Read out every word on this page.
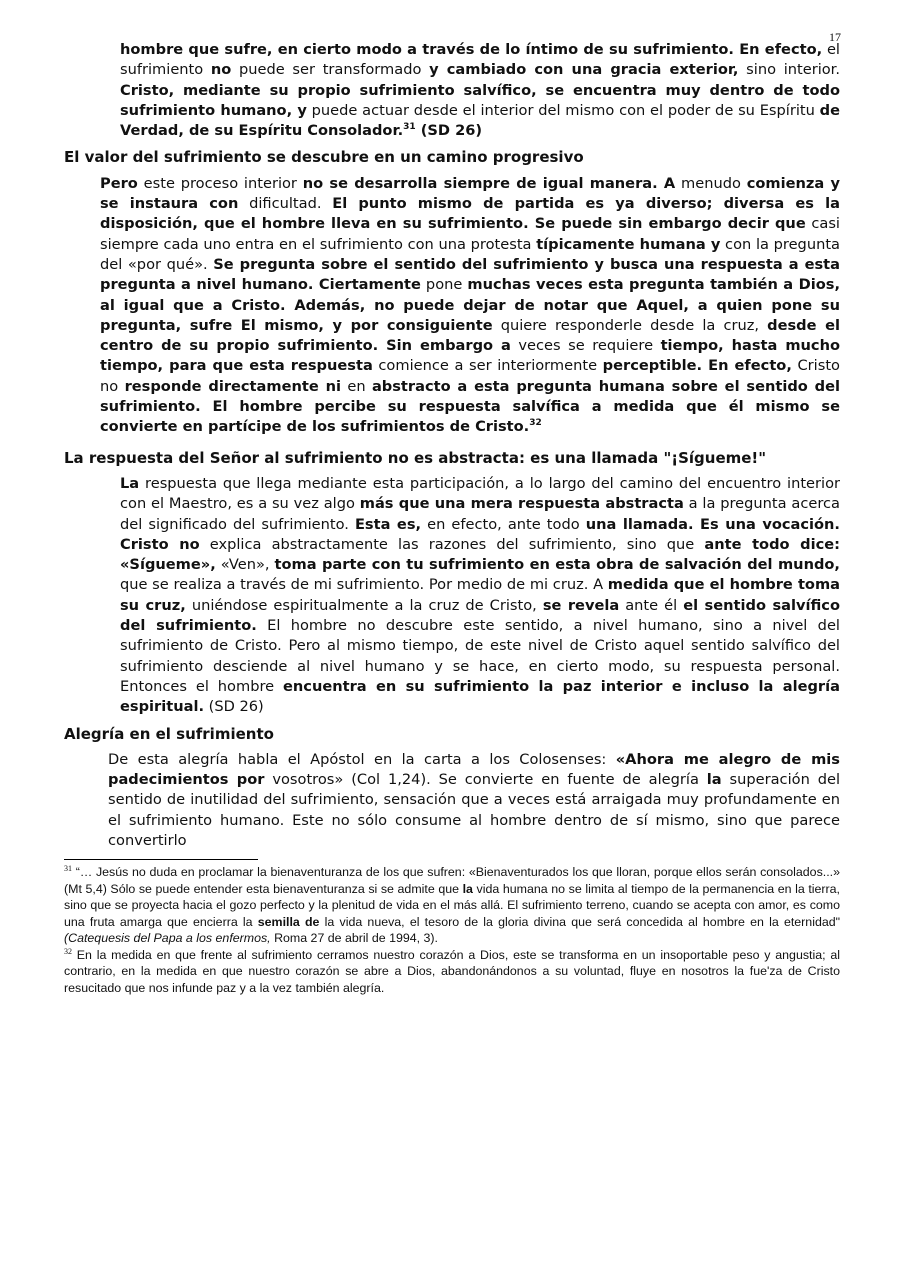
17
hombre que sufre, en cierto modo a través de lo íntimo de su sufrimiento. En efecto, el sufrimiento no puede ser transformado y cambiado con una gracia exterior, sino interior. Cristo, mediante su propio sufrimiento salvífico, se encuentra muy dentro de todo sufrimiento humano, y puede actuar desde el interior del mismo con el poder de su Espíritu de Verdad, de su Espíritu Consolador.$^{31}$ (SD 26)
El valor del sufrimiento se descubre en un camino progresivo
Pero este proceso interior no se desarrolla siempre de igual manera. A menudo comienza y se instaura con dificultad. El punto mismo de partida es ya diverso; diversa es la disposición, que el hombre lleva en su sufrimiento. Se puede sin embargo decir que casi siempre cada uno entra en el sufrimiento con una protesta típicamente humana y con la pregunta del «por qué». Se pregunta sobre el sentido del sufrimiento y busca una respuesta a esta pregunta a nivel humano. Ciertamente pone muchas veces esta pregunta también a Dios, al igual que a Cristo. Además, no puede dejar de notar que Aquel, a quien pone su pregunta, sufre El mismo, y por consiguiente quiere responderle desde la cruz, desde el centro de su propio sufrimiento. Sin embargo a veces se requiere tiempo, hasta mucho tiempo, para que esta respuesta comience a ser interiormente perceptible. En efecto, Cristo no responde directamente ni en abstracto a esta pregunta humana sobre el sentido del sufrimiento. El hombre percibe su respuesta salvífica a medida que él mismo se convierte en partícipe de los sufrimientos de Cristo.$^{32}$
La respuesta del Señor al sufrimiento no es abstracta: es una llamada "¡Sígueme!"
La respuesta que llega mediante esta participación, a lo largo del camino del encuentro interior con el Maestro, es a su vez algo más que una mera respuesta abstracta a la pregunta acerca del significado del sufrimiento. Esta es, en efecto, ante todo una llamada. Es una vocación. Cristo no explica abstractamente las razones del sufrimiento, sino que ante todo dice: «Sígueme», «Ven», toma parte con tu sufrimiento en esta obra de salvación del mundo, que se realiza a través de mi sufrimiento. Por medio de mi cruz. A medida que el hombre toma su cruz, uniéndose espiritualmente a la cruz de Cristo, se revela ante él el sentido salvífico del sufrimiento. El hombre no descubre este sentido, a nivel humano, sino a nivel del sufrimiento de Cristo. Pero al mismo tiempo, de este nivel de Cristo aquel sentido salvífico del sufrimiento desciende al nivel humano y se hace, en cierto modo, su respuesta personal. Entonces el hombre encuentra en su sufrimiento la paz interior e incluso la alegría espiritual. (SD 26)
Alegría en el sufrimiento
De esta alegría habla el Apóstol en la carta a los Colosenses: «Ahora me alegro de mis padecimientos por vosotros» (Col 1,24). Se convierte en fuente de alegría la superación del sentido de inutilidad del sufrimiento, sensación que a veces está arraigada muy profundamente en el sufrimiento humano. Este no sólo consume al hombre dentro de sí mismo, sino que parece convertirlo
$^{31}$ “… Jesús no duda en proclamar la bienaventuranza de los que sufren: «Bienaventurados los que lloran, porque ellos serán consolados...» (Mt 5,4) Sólo se puede entender esta bienaventuranza si se admite que la vida humana no se limita al tiempo de la permanencia en la tierra, sino que se proyecta hacia el gozo perfecto y la plenitud de vida en el más allá. El sufrimiento terreno, cuando se acepta con amor, es como una fruta amarga que encierra la semilla de la vida nueva, el tesoro de la gloria divina que será concedida al hombre en la eternidad" (Catequesis del Papa a los enfermos, Roma 27 de abril de 1994, 3).
$^{32}$ En la medida en que frente al sufrimiento cerramos nuestro corazón a Dios, este se transforma en un insoportable peso y angustia; al contrario, en la medida en que nuestro corazón se abre a Dios, abandonándonos a su voluntad, fluye en nosotros la fue'za de Cristo resucitado que nos infunde paz y a la vez también alegría.
